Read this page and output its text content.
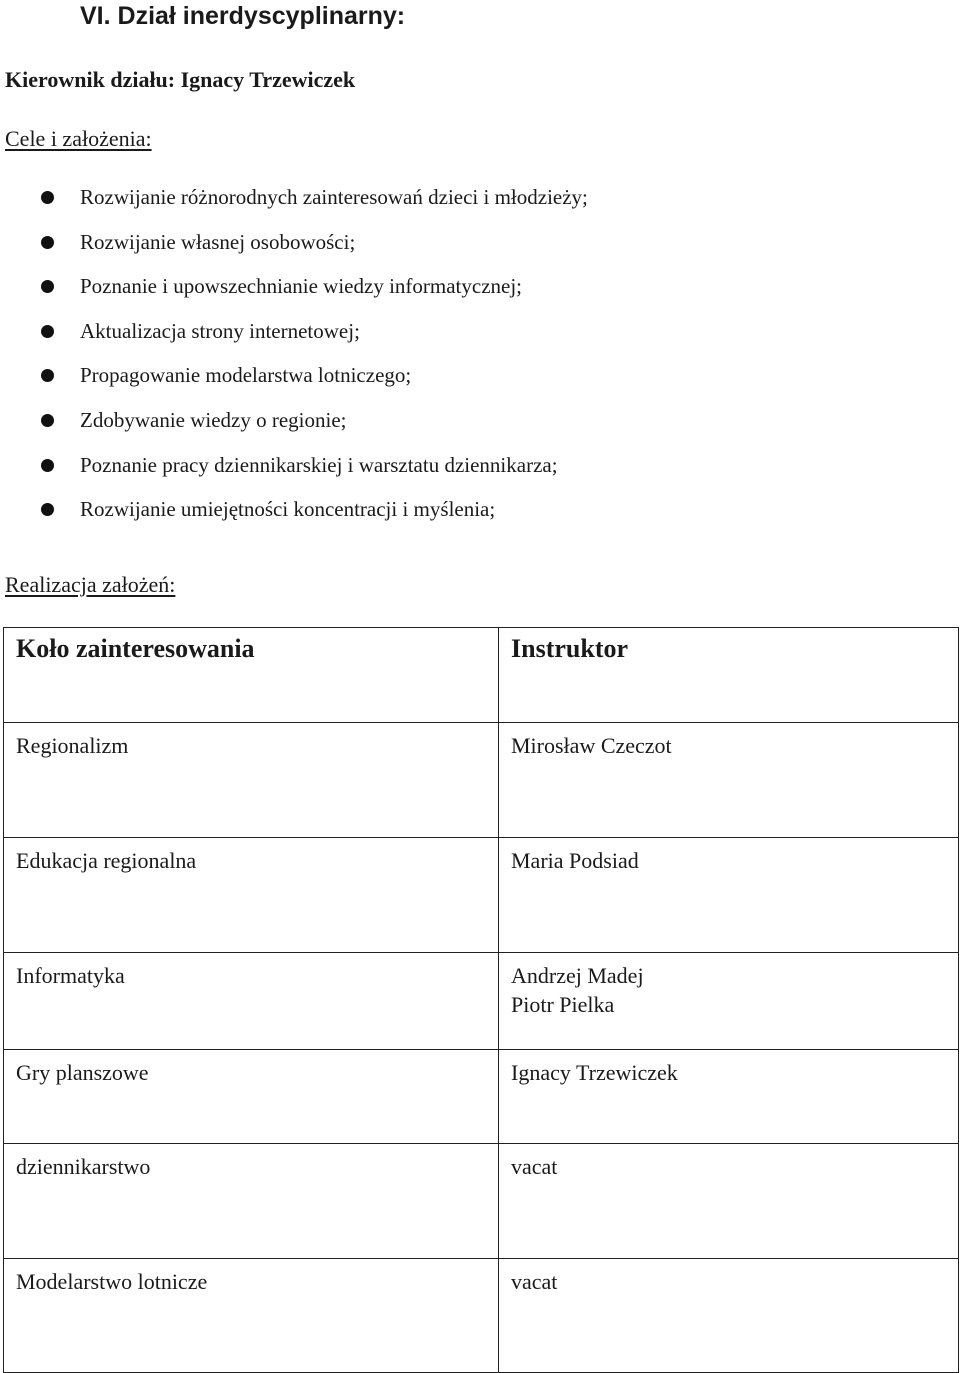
VI. Dział inerdyscyplinarny:

Kierownik działu: Ignacy Trzewiczek

Cele i założenia:

Rozwijanie różnorodnych zainteresowań dzieci i młodzieży;
Rozwijanie własnej osobowości;
Poznanie i upowszechnianie wiedzy informatycznej;
Aktualizacja strony internetowej;
Propagowanie modelarstwa lotniczego;
Zdobywanie wiedzy o regionie;
Poznanie pracy dziennikarskiej i warsztatu dziennikarza;
Rozwijanie umiejętności koncentracji i myślenia;

Realizacja założeń:

Koło zainteresowania	Instruktor
Regionalizm	Mirosław Czeczot

Edukacja regionalna	Maria Podsiad

Informatyka	Andrzej Madej
Piotr Pielka

Gry planszowe	Ignacy Trzewiczek

dziennikarstwo	vacat

Modelarstwo lotnicze	vacat
